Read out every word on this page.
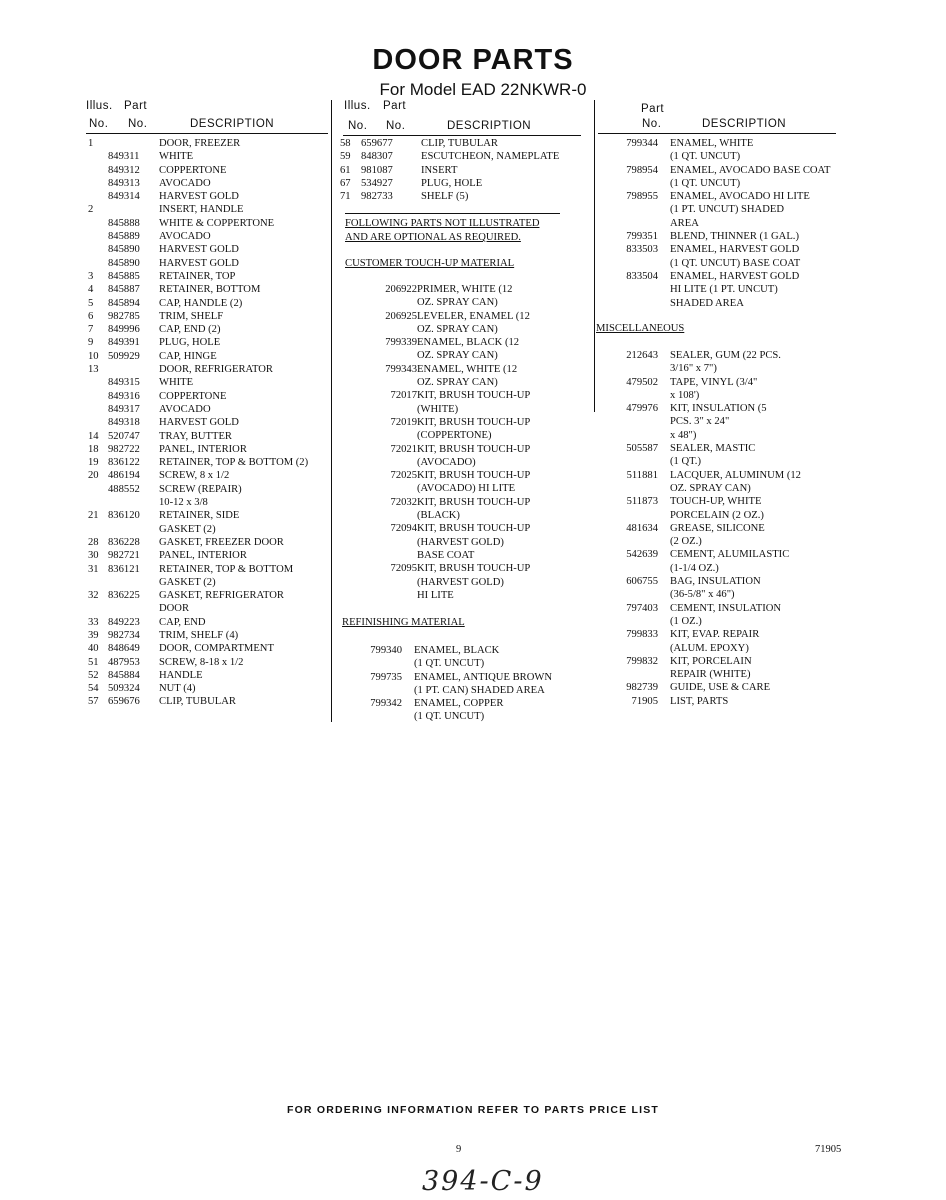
DOOR PARTS
For Model EAD 22NKWR-0
Illus. Part
No. No.	DESCRIPTION
Illus. Part
No. No.	DESCRIPTION
Part
No.	DESCRIPTION
1	DOOR, FREEZER
849311 WHITE
849312 COPPERTONE
849313 AVOCADO
849314 HARVEST GOLD
2	INSERT, HANDLE
845888 WHITE & COPPERTONE
845889 AVOCADO
845890 HARVEST GOLD
845890 HARVEST GOLD
3 845885 RETAINER, TOP
4 845887 RETAINER, BOTTOM
5 845894 CAP, HANDLE (2)
6 982785 TRIM, SHELF
7 849996 CAP, END (2)
9 849391 PLUG, HOLE
10 509929 CAP, HINGE
13	DOOR, REFRIGERATOR
849315 WHITE
849316 COPPERTONE
849317 AVOCADO
849318 HARVEST GOLD
14 520747 TRAY, BUTTER
18 982722 PANEL, INTERIOR
19 836122 RETAINER, TOP & BOTTOM (2)
20 486194 SCREW, 8 x 1/2
488552 SCREW (REPAIR)
10-12 x 3/8
21 836120 RETAINER, SIDE
GASKET (2)
28 836228 GASKET, FREEZER DOOR
30 982721 PANEL, INTERIOR
31 836121 RETAINER, TOP & BOTTOM
GASKET (2)
32 836225 GASKET, REFRIGERATOR
DOOR
33 849223 CAP, END
39 982734 TRIM, SHELF (4)
40 848649 DOOR, COMPARTMENT
51 487953 SCREW, 8-18 x 1/2
52 845884 HANDLE
54 509324 NUT (4)
57 659676 CLIP, TUBULAR
58 659677	CLIP, TUBULAR
59 848307	ESCUTCHEON, NAMEPLATE
61 981087	INSERT
67 534927	PLUG, HOLE
71 982733	SHELF (5)
FOLLOWING PARTS NOT ILLUSTRATED
AND ARE OPTIONAL AS REQUIRED.
CUSTOMER TOUCH-UP MATERIAL
206922 PRIMER, WHITE (12
OZ. SPRAY CAN)
206925 LEVELER, ENAMEL (12
OZ. SPRAY CAN)
799339 ENAMEL, BLACK (12
OZ. SPRAY CAN)
799343 ENAMEL, WHITE (12
OZ. SPRAY CAN)
72017 KIT, BRUSH TOUCH-UP
(WHITE)
72019 KIT, BRUSH TOUCH-UP
(COPPERTONE)
72021 KIT, BRUSH TOUCH-UP
(AVOCADO)
72025 KIT, BRUSH TOUCH-UP
(AVOCADO) HI LITE
72032 KIT, BRUSH TOUCH-UP
(BLACK)
72094 KIT, BRUSH TOUCH-UP
(HARVEST GOLD)
BASE COAT
72095 KIT, BRUSH TOUCH-UP
(HARVEST GOLD)
HI LITE
REFINISHING MATERIAL
799340 ENAMEL, BLACK
(1 QT. UNCUT)
799735 ENAMEL, ANTIQUE BROWN
(1 PT. CAN) SHADED AREA
799342 ENAMEL, COPPER
(1 QT. UNCUT)
799344 ENAMEL, WHITE
(1 QT. UNCUT)
798954 ENAMEL, AVOCADO BASE COAT
(1 QT. UNCUT)
798955 ENAMEL, AVOCADO HI LITE
(1 PT. UNCUT) SHADED
AREA
799351 BLEND, THINNER (1 GAL.)
833503 ENAMEL, HARVEST GOLD
(1 QT. UNCUT) BASE COAT
833504 ENAMEL, HARVEST GOLD
HI LITE (1 PT. UNCUT)
SHADED AREA
MISCELLANEOUS
212643 SEALER, GUM (22 PCS.
3/16" x 7")
479502 TAPE, VINYL (3/4"
x 108')
479976 KIT, INSULATION (5
PCS. 3" x 24"
x 48")
505587 SEALER, MASTIC
(1 QT.)
511881 LACQUER, ALUMINUM (12
OZ. SPRAY CAN)
511873 TOUCH-UP, WHITE
PORCELAIN (2 OZ.)
481634 GREASE, SILICONE
(2 OZ.)
542639 CEMENT, ALUMILASTIC
(1-1/4 OZ.)
606755 BAG, INSULATION
(36-5/8" x 46")
797403 CEMENT, INSULATION
(1 OZ.)
799833 KIT, EVAP. REPAIR
(ALUM. EPOXY)
799832 KIT, PORCELAIN
REPAIR (WHITE)
982739 GUIDE, USE & CARE
71905 LIST, PARTS
FOR ORDERING INFORMATION REFER TO PARTS PRICE LIST
9	71905
394-C-9
